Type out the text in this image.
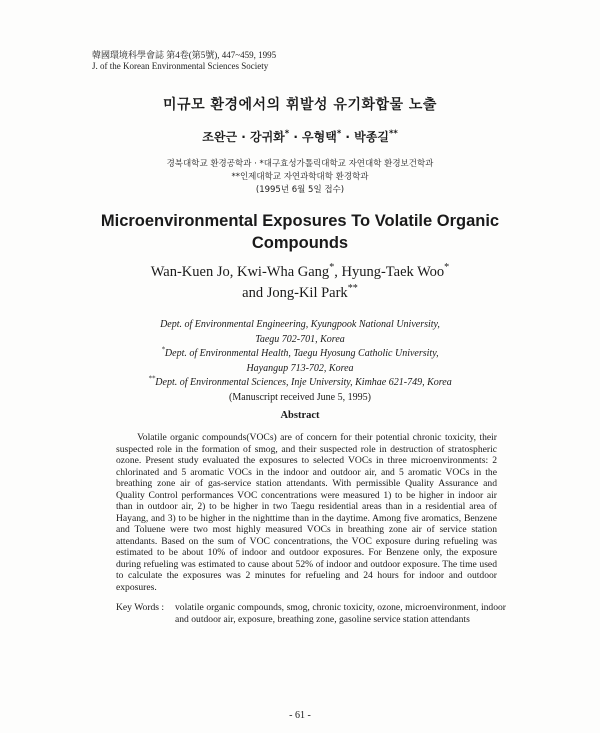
韓國環境科學會誌 第4卷(第5號), 447~459, 1995
J. of the Korean Environmental Sciences Society
미규모 환경에서의 휘발성 유기화합물 노출
조완근 · 강귀화* · 우형택* · 박종길**
경북대학교 환경공학과 · *대구효성가톨릭대학교 자연대학 환경보건학과
**인제대학교 자연과학대학 환경학과
(1995년 6월 5일 접수)
Microenvironmental Exposures To Volatile Organic
Compounds
Wan-Kuen Jo, Kwi-Wha Gang*, Hyung-Taek Woo*
and Jong-Kil Park**
Dept. of Environmental Engineering, Kyungpook National University,
Taegu 702-701, Korea
*Dept. of Environmental Health, Taegu Hyosung Catholic University,
Hayangup 713-702, Korea
**Dept. of Environmental Sciences, Inje University, Kimhae 621-749, Korea
(Manuscript received June 5, 1995)
Abstract
Volatile organic compounds(VOCs) are of concern for their potential chronic toxicity, their suspected role in the formation of smog, and their suspected role in destruction of stratospheric ozone. Present study evaluated the exposures to selected VOCs in three microenvironments: 2 chlorinated and 5 aromatic VOCs in the indoor and outdoor air, and 5 aromatic VOCs in the breathing zone air of gas-service station attendants. With permissible Quality Assurance and Quality Control performances VOC concentrations were measured 1) to be higher in indoor air than in outdoor air, 2) to be higher in two Taegu residential areas than in a residential area of Hayang, and 3) to be higher in the nighttime than in the daytime. Among five aromatics, Benzene and Toluene were two most highly measured VOCs in breathing zone air of service station attendants. Based on the sum of VOC concentrations, the VOC exposure during refueling was estimated to be about 10% of indoor and outdoor exposures. For Benzene only, the exposure during refueling was estimated to cause about 52% of indoor and outdoor exposure. The time used to calculate the exposures was 2 minutes for refueling and 24 hours for indoor and outdoor exposures.
Key Words : volatile organic compounds, smog, chronic toxicity, ozone, microenvironment, indoor and outdoor air, exposure, breathing zone, gasoline service station attendants
- 61 -
